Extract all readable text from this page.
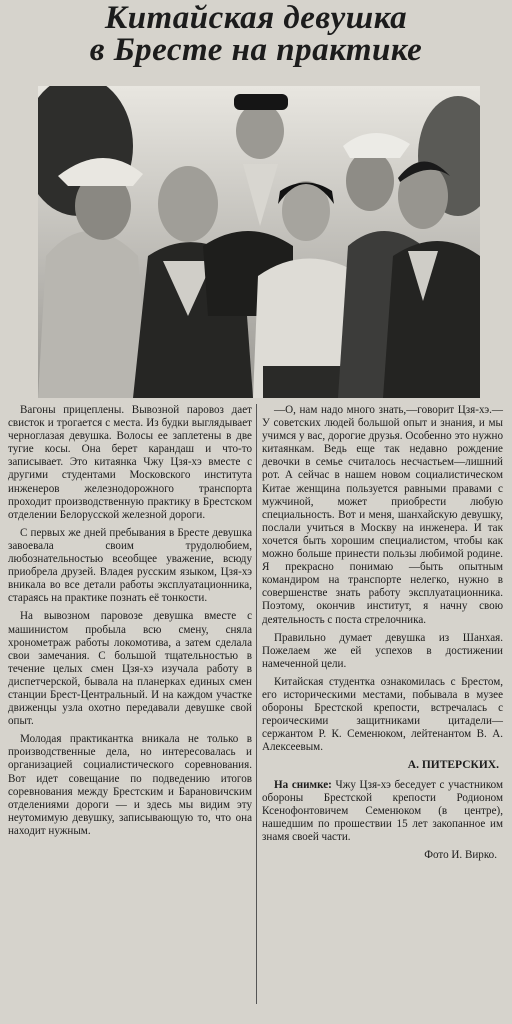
Китайская девушка
в Бресте на практике

Вагоны прицеплены. Вывозной паровоз дает свисток и трогается с места. Из будки выглядывает черноглазая девушка. Волосы ее заплетены в две тугие косы. Она берет карандаш и что-то записывает. Это китаянка Чжу Цзя-хэ вместе с другими студентами Московского института инженеров железнодорожного транспорта проходит производственную практику в Брестском отделении Белорусской железной дороги.

С первых же дней пребывания в Бресте девушка завоевала своим трудолюбием, любознательностью всеобщее уважение, всюду приобрела друзей. Владея русским языком, Цзя-хэ вникала во все детали работы эксплуатационника, стараясь на практике познать её тонкости.

На вывозном паровозе девушка вместе с машинистом пробыла всю смену, сняла хронометраж работы локомотива, а затем сделала свои замечания. С большой тщательностью в течение целых смен Цзя-хэ изучала работу в диспетчерской, бывала на планерках единых смен станции Брест-Центральный. И на каждом участке движенцы узла охотно передавали девушке свой опыт.

Молодая практикантка вникала не только в производственные дела, но интересовалась и организацией социалистического соревнования. Вот идет совещание по подведению итогов соревнования между Брестским и Барановичским отделениями дороги — и здесь мы видим эту неутомимую девушку, записывающую то, что она находит нужным.

—О, нам надо много знать,—говорит Цзя-хэ.—У советских людей большой опыт и знания, и мы учимся у вас, дорогие друзья. Особенно это нужно китаянкам. Ведь еще так недавно рождение девочки в семье считалось несчастьем—лишний рот. А сейчас в нашем новом социалистическом Китае женщина пользуется равными правами с мужчиной, может приобрести любую специальность. Вот и меня, шанхайскую девушку, послали учиться в Москву на инженера. И так хочется быть хорошим специалистом, чтобы как можно больше принести пользы любимой родине. Я прекрасно понимаю —быть опытным командиром на транспорте нелегко, нужно в совершенстве знать работу эксплуатационника. Поэтому, окончив институт, я начну свою деятельность с поста стрелочника.

Правильно думает девушка из Шанхая. Пожелаем же ей успехов в достижении намеченной цели.

Китайская студентка ознакомилась с Брестом, его историческими местами, побывала в музее обороны Брестской крепости, встречалась с героическими защитниками цитадели—сержантом Р. К. Семенюком, лейтенантом В. А. Алексеевым.

А. ПИТЕРСКИХ.

На снимке: Чжу Цзя-хэ беседует с участником обороны Брестской крепости Родионом Ксенофонтовичем Семенюком (в центре), нашедшим по прошествии 15 лет закопанное им знамя своей части.

Фото И. Вирко.
